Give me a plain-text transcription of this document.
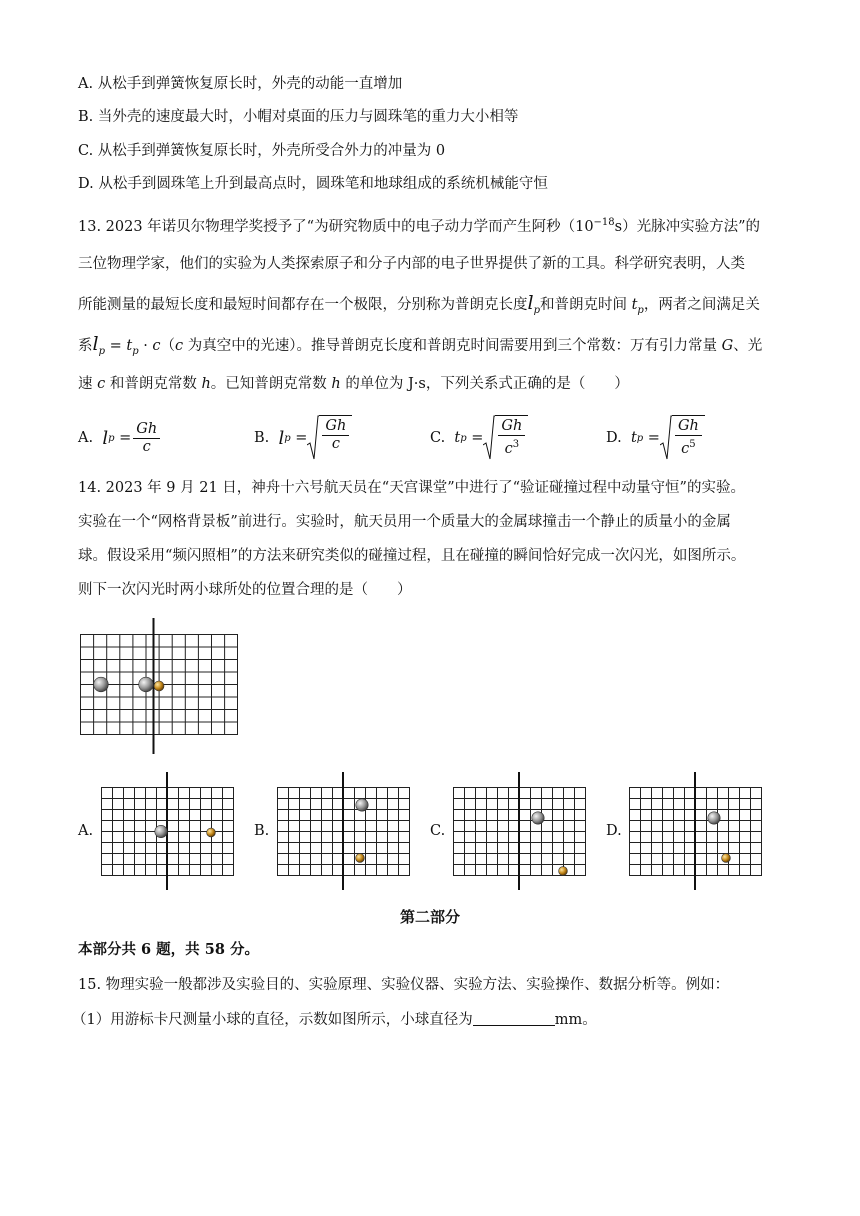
A. 从松手到弹簧恢复原长时，外壳的动能一直增加
B. 当外壳的速度最大时，小帽对桌面的压力与圆珠笔的重力大小相等
C. 从松手到弹簧恢复原长时，外壳所受合外力的冲量为 0
D. 从松手到圆珠笔上升到最高点时，圆珠笔和地球组成的系统机械能守恒
13. 2023 年诺贝尔物理学奖授予了“为研究物质中的电子动力学而产生阿秒$(10^{-18}s)$光脉冲实验方法”的
三位物理学家，他们的实验为人类探索原子和分子内部的电子世界提供了新的工具。科学研究表明，人类
所能测量的最短长度和最短时间都存在一个极限，分别称为普朗克长度$l_p$和普朗克时间 $t_p$，两者之间满足关
系$l_p = t_p \cdot c(c$ 为真空中的光速）。推导普朗克长度和普朗克时间需要用到三个常数：万有引力常量 G、光
速 c 和普朗克常数 h。已知普朗克常数 h 的单位为 J·s，下列关系式正确的是（　　）
A.
l p
= $\frac{Gh}{c}$	B.
l p
= $\frac{Gh}{c}$	C.
t p
= $\frac{Gh}{c^3}$	D.
t p
= $\frac{Gh}{c^5}$
14. 2023 年 9 月 21 日，神舟十六号航天员在“天宫课堂”中进行了“验证碰撞过程中动量守恒”的实验。
实验在一个“网格背景板”前进行。实验时，航天员用一个质量大的金属球撞击一个静止的质量小的金属
球。假设采用“频闪照相”的方法来研究类似的碰撞过程，且在碰撞的瞬间恰好完成一次闪光，如图所示。
则下一次闪光时两小球所处的位置合理的是（　　）
A.	B.	C.	D.
第二部分
本部分共 6 题，共 58 分。
15. 物理实验一般都涉及实验目的、实验原理、实验仪器、实验方法、实验操作、数据分析等。例如：
（1）用游标卡尺测量小球的直径，示数如图所示，小球直径为	mm。
